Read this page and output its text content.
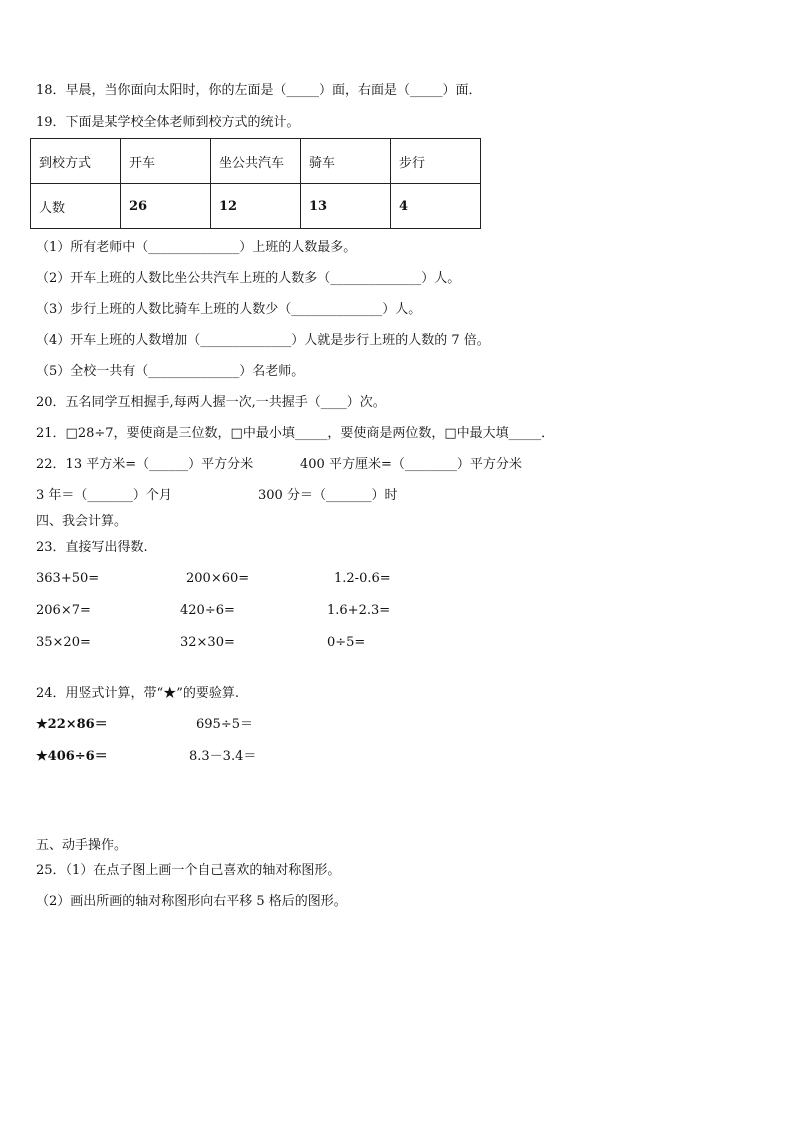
18．早晨，当你面向太阳时，你的左面是（_____）面，右面是（_____）面．
19．下面是某学校全体老师到校方式的统计。
到校方式	开车	坐公共汽车	骑车	步行
人数	26	12	13	4
（1）所有老师中（______________）上班的人数最多。
（2）开车上班的人数比坐公共汽车上班的人数多（______________）人。
（3）步行上班的人数比骑车上班的人数少（______________）人。
（4）开车上班的人数增加（______________）人就是步行上班的人数的 7 倍。
（5）全校一共有（______________）名老师。
20．五名同学互相握手,每两人握一次,一共握手（____）次。
21．□28÷7，要使商是三位数，□中最小填_____，要使商是两位数，□中最大填_____．
22．13 平方米=（______）平方分米	400 平方厘米=（________）平方分米
3 年＝（_______）个月	300 分＝（_______）时
四、我会计算。
23．直接写出得数.
363+50=	200×60=	1.2-0.6=
206×7=	420÷6=	1.6+2.3=
35×20=	32×30=	0÷5=
24．用竖式计算，带“★”的要验算.
★22×86＝	695÷5＝
★406÷6＝	8.3－3.4＝
五、动手操作。
25．（1）在点子图上画一个自己喜欢的轴对称图形。
（2）画出所画的轴对称图形向右平移 5 格后的图形。
